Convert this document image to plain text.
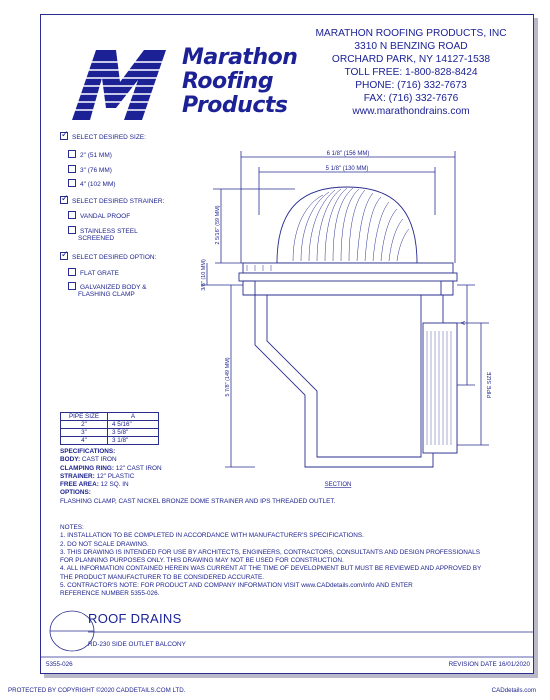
Marathon
Roofing
Products
MARATHON ROOFING PRODUCTS, INC
3310 N BENZING ROAD
ORCHARD PARK, NY 14127-1538
TOLL FREE: 1-800-828-8424
PHONE: (716) 332-7673
FAX: (716) 332-7676
www.marathondrains.com
✓ SELECT DESIRED SIZE:
2" (51 MM)
3" (76 MM)
4" (102 MM)
✓ SELECT DESIRED STRAINER:
VANDAL PROOF
STAINLESS STEEL
SCREENED
✓ SELECT DESIRED OPTION:
FLAT GRATE
GALVANIZED BODY &
FLASHING CLAMP
PIPE SIZE	A
2"	4 5/16"
3"	3 5/8"
4"	3 1/8"
6 1/8" (156 MM)
5 1/8" (130 MM)
3/8" (10 MM)
2 5/16" (59 MM)
5 7/8" (149 MM)
A
PIPE SIZE
SECTION
SPECIFICATIONS:
BODY: CAST IRON
CLAMPING RING: 12" CAST IRON
STRAINER: 12" PLASTIC
FREE AREA: 12 SQ. IN
OPTIONS:
FLASHING CLAMP, CAST NICKEL BRONZE DOME STRAINER AND IPS THREADED OUTLET.
NOTES:
1. INSTALLATION TO BE COMPLETED IN ACCORDANCE WITH MANUFACTURER'S SPECIFICATIONS.
2. DO NOT SCALE DRAWING.
3. THIS DRAWING IS INTENDED FOR USE BY ARCHITECTS, ENGINEERS, CONTRACTORS, CONSULTANTS AND DESIGN PROFESSIONALS
FOR PLANNING PURPOSES ONLY. THIS DRAWING MAY NOT BE USED FOR CONSTRUCTION.
4. ALL INFORMATION CONTAINED HEREIN WAS CURRENT AT THE TIME OF DEVELOPMENT BUT MUST BE REVIEWED AND APPROVED BY
THE PRODUCT MANUFACTURER TO BE CONSIDERED ACCURATE.
5. CONTRACTOR'S NOTE: FOR PRODUCT AND COMPANY INFORMATION VISIT www.CADdetails.com/info AND ENTER
REFERENCE NUMBER 5355-026.
ROOF DRAINS
RD-230 SIDE OUTLET BALCONY
5355-026	REVISION DATE 16/01/2020
PROTECTED BY COPYRIGHT ©2020 CADDETAILS.COM LTD.	CADdetails.com
